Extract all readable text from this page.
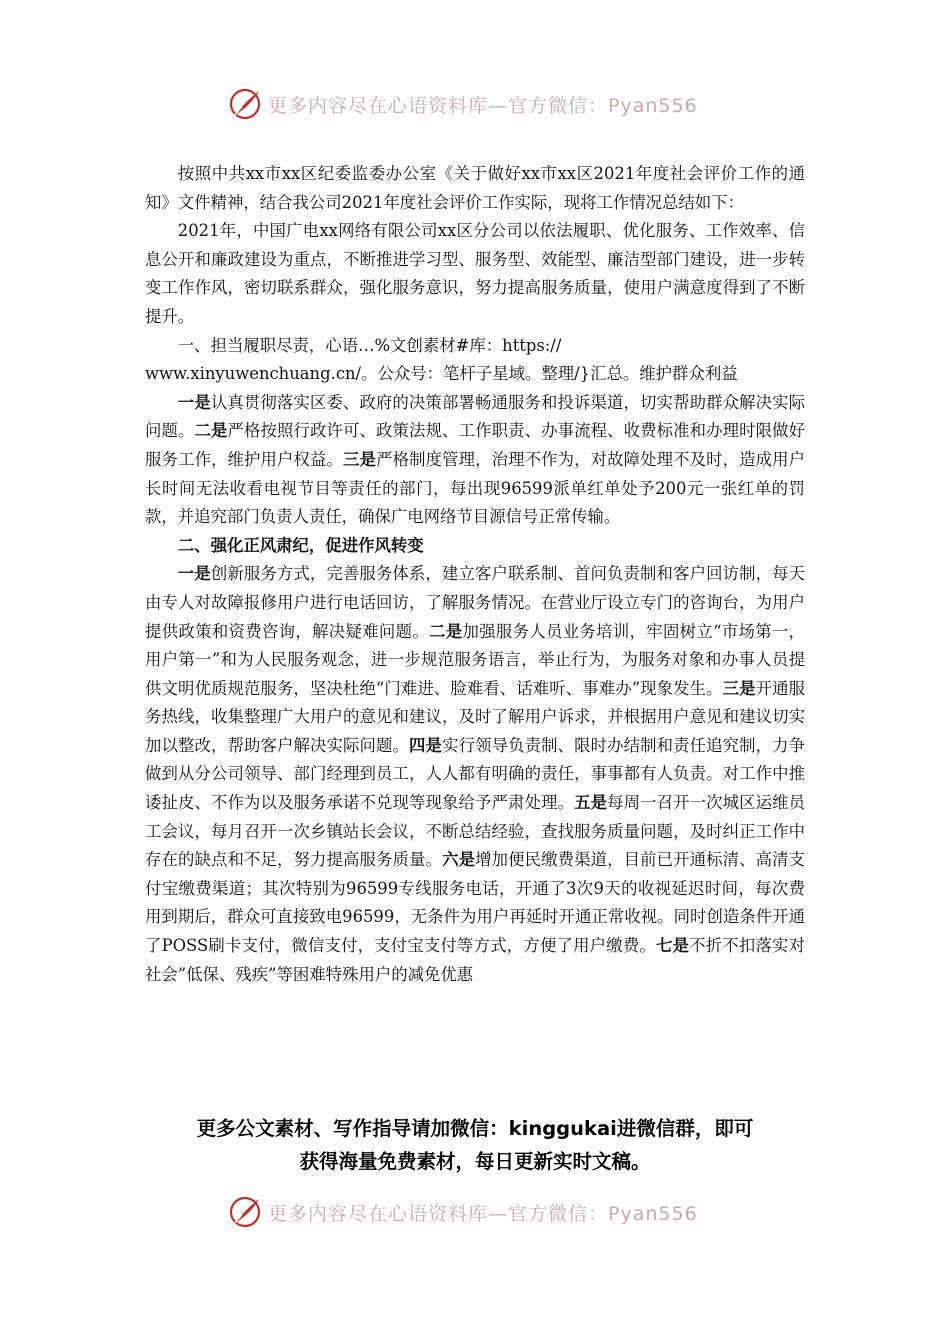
更多内容尽在心语资料库—官方微信：Pyan556

按照中共xx市xx区纪委监委办公室《关于做好xx市xx区2021年度社会评价工作的通知》文件精神，结合我公司2021年度社会评价工作实际，现将工作情况总结如下：

2021年，中国广电xx网络有限公司xx区分公司以依法履职、优化服务、工作效率、信息公开和廉政建设为重点，不断推进学习型、服务型、效能型、廉洁型部门建设，进一步转变工作作风，密切联系群众，强化服务意识，努力提高服务质量，使用户满意度得到了不断提升。

一、担当履职尽责，心语…%文创素材#库：https://

www.xinyuwenchuang.cn/。公众号：笔杆子星域。整理/}汇总。维护群众利益

一是认真贯彻落实区委、政府的决策部署畅通服务和投诉渠道，切实帮助群众解决实际问题。二是严格按照行政许可、政策法规、工作职责、办事流程、收费标准和办理时限做好服务工作，维护用户权益。三是严格制度管理，治理不作为，对故障处理不及时，造成用户长时间无法收看电视节目等责任的部门，每出现96599派单红单处予200元一张红单的罚款，并追究部门负责人责任，确保广电网络节目源信号正常传输。

二、强化正风肃纪，促进作风转变

一是创新服务方式，完善服务体系，建立客户联系制、首问负责制和客户回访制，每天由专人对故障报修用户进行电话回访，了解服务情况。在营业厅设立专门的咨询台，为用户提供政策和资费咨询，解决疑难问题。二是加强服务人员业务培训，牢固树立“市场第一，用户第一”和为人民服务观念，进一步规范服务语言，举止行为，为服务对象和办事人员提供文明优质规范服务，坚决杜绝“门难进、脸难看、话难听、事难办”现象发生。三是开通服务热线，收集整理广大用户的意见和建议，及时了解用户诉求，并根据用户意见和建议切实加以整改，帮助客户解决实际问题。四是实行领导负责制、限时办结制和责任追究制，力争做到从分公司领导、部门经理到员工，人人都有明确的责任，事事都有人负责。对工作中推诿扯皮、不作为以及服务承诺不兑现等现象给予严肃处理。五是每周一召开一次城区运维员工会议，每月召开一次乡镇站长会议，不断总结经验，查找服务质量问题，及时纠正工作中存在的缺点和不足，努力提高服务质量。六是增加便民缴费渠道，目前已开通标清、高清支付宝缴费渠道；其次特别为96599专线服务电话，开通了3次9天的收视延迟时间，每次费用到期后，群众可直接致电96599，无条件为用户再延时开通正常收视。同时创造条件开通了POSS刷卡支付，微信支付，支付宝支付等方式，方便了用户缴费。七是不折不扣落实对社会”低保、残疾”等困难特殊用户的减免优惠

更多公文素材、写作指导请加微信：kinggukai进微信群，即可
获得海量免费素材，每日更新实时文稿。
更多内容尽在心语资料库—官方微信：Pyan556
